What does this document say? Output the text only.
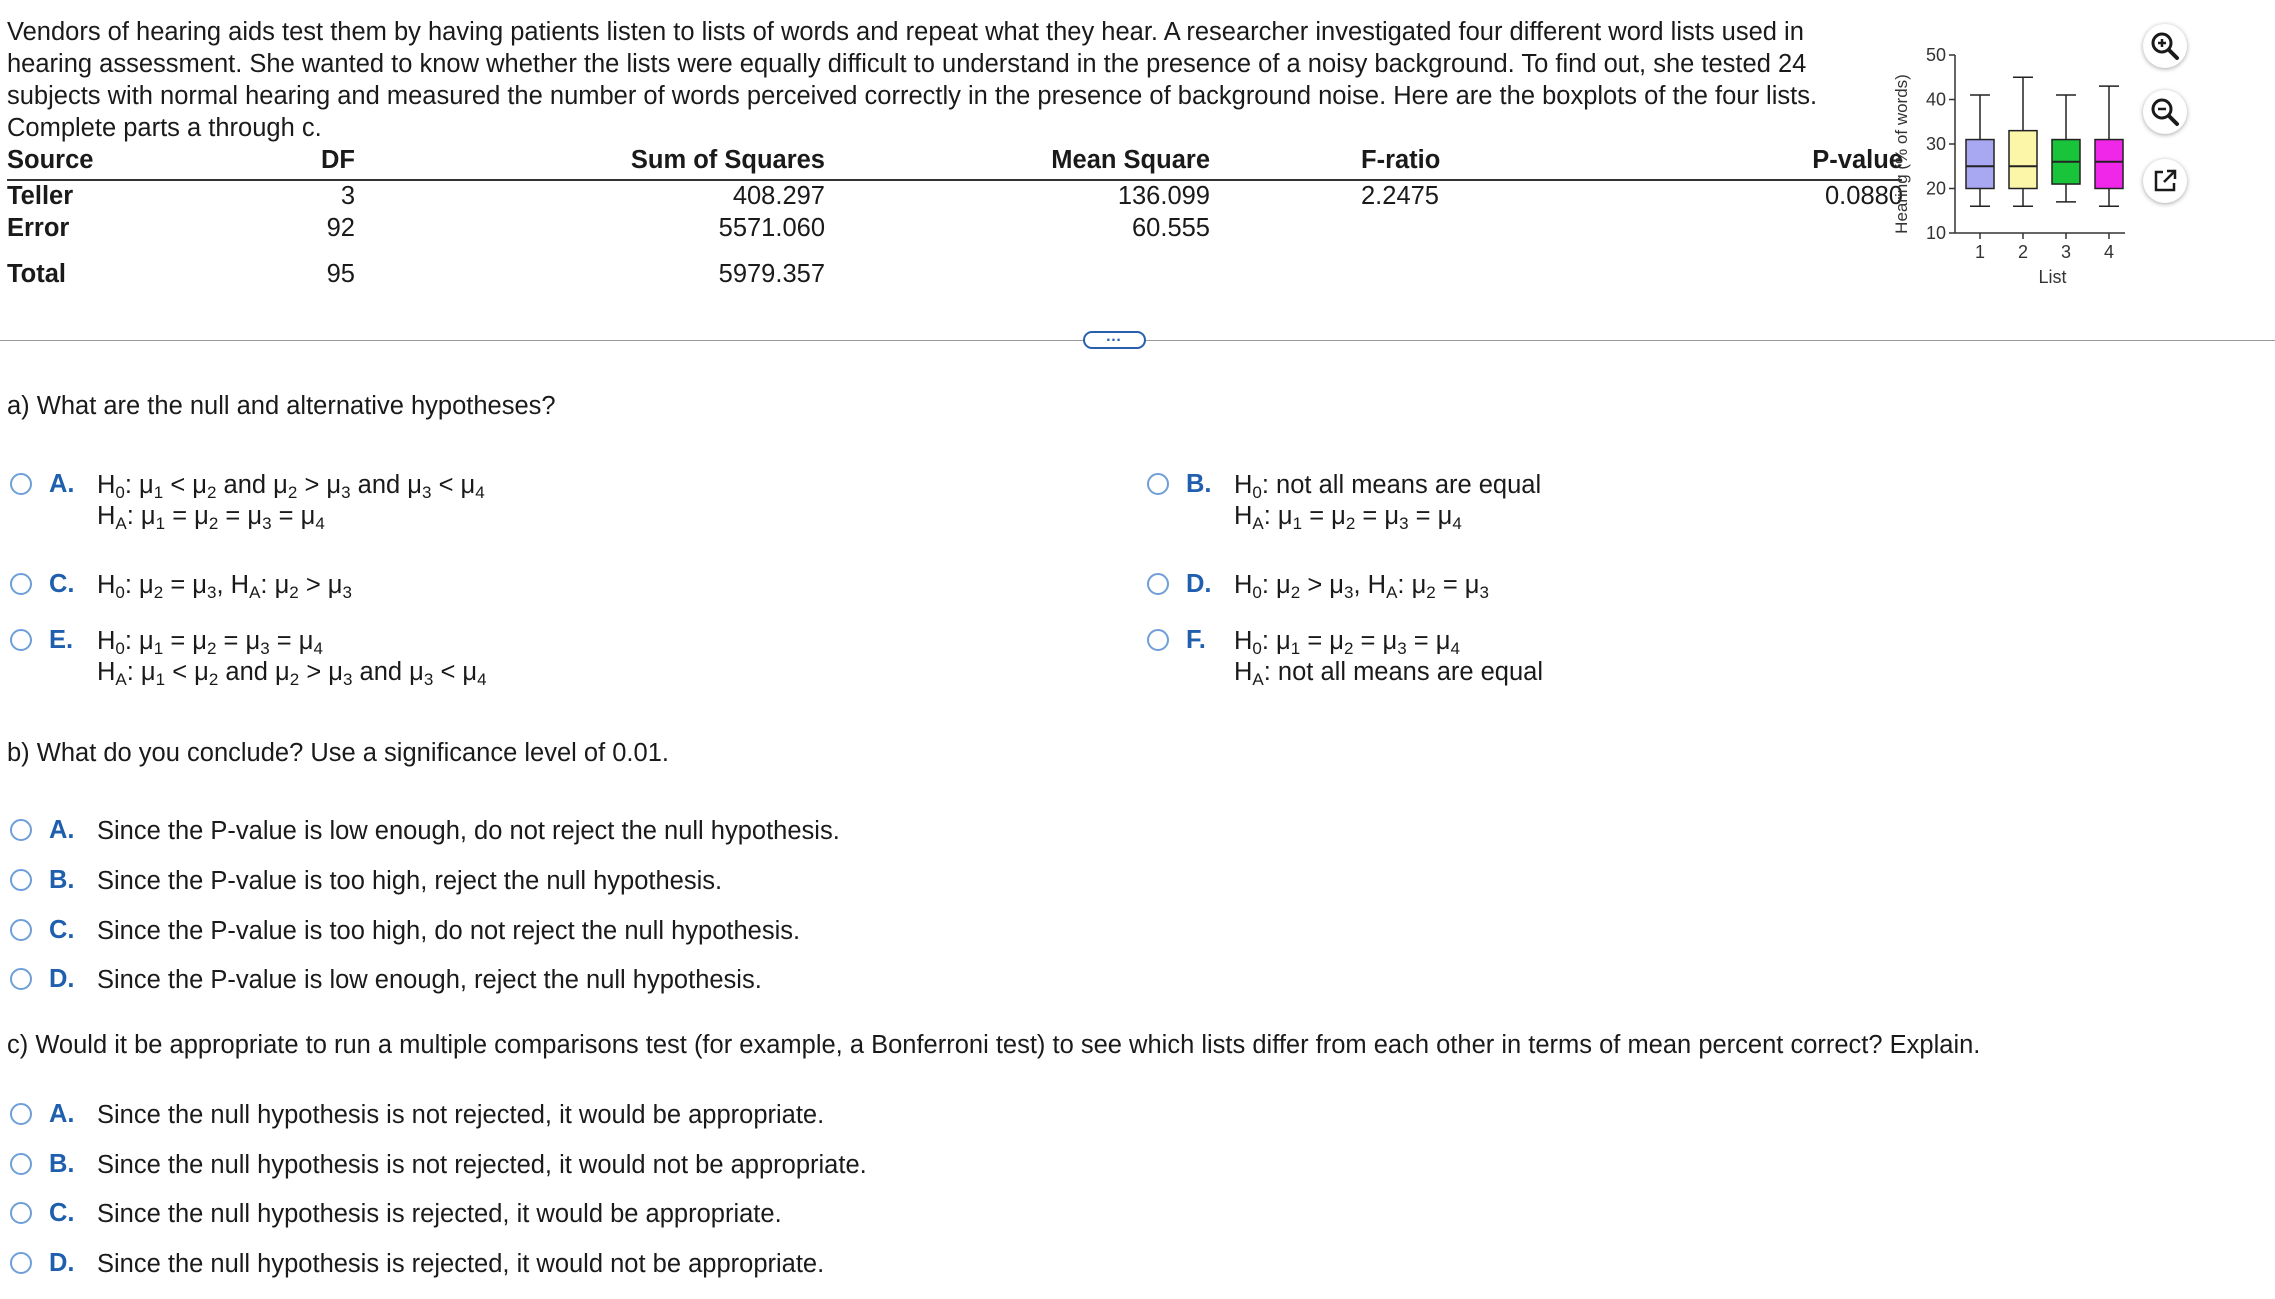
Vendors of hearing aids test them by having patients listen to lists of words and repeat what they hear. A researcher investigated four different word lists used in
hearing assessment. She wanted to know whether the lists were equally difficult to understand in the presence of a noisy background. To find out, she tested 24
subjects with normal hearing and measured the number of words perceived correctly in the presence of background noise. Here are the boxplots of the four lists.
Complete parts a through c.
Source	DF	Sum of Squares	Mean Square	F-ratio	P-value
Teller	3	408.297	136.099	2.2475	0.0880
Error	92	5571.060	60.555
Total	95	5979.357
10
20
30
40
50
Hearing (% of words)
1 2 3 4
List
…
a) What are the null and alternative hypotheses?
A. $H_0$: $\mu_1 < \mu_2$ and $\mu_2 > \mu_3$ and $\mu_3 < \mu_4$
$H_A$: $\mu_1 = \mu_2 = \mu_3 = \mu_4$
B. $H_0$: not all means are equal
$H_A$: $\mu_1 = \mu_2 = \mu_3 = \mu_4$
C. $H_0$: $\mu_2 = \mu_3$, $H_A$: $\mu_2 > \mu_3$	D. $H_0$: $\mu_2 > \mu_3$, $H_A$: $\mu_2 = \mu_3$
E. $H_0$: $\mu_1 = \mu_2 = \mu_3 = \mu_4$
$H_A$: $\mu_1 < \mu_2$ and $\mu_2 > \mu_3$ and $\mu_3 < \mu_4$
F. $H_0$: $\mu_1 = \mu_2 = \mu_3 = \mu_4$
$H_A$: not all means are equal
b) What do you conclude? Use a significance level of 0.01.
A. Since the P-value is low enough, do not reject the null hypothesis.
B. Since the P-value is too high, reject the null hypothesis.
C. Since the P-value is too high, do not reject the null hypothesis.
D. Since the P-value is low enough, reject the null hypothesis.
c) Would it be appropriate to run a multiple comparisons test (for example, a Bonferroni test) to see which lists differ from each other in terms of mean percent correct? Explain.
A. Since the null hypothesis is not rejected, it would be appropriate.
B. Since the null hypothesis is not rejected, it would not be appropriate.
C. Since the null hypothesis is rejected, it would be appropriate.
D. Since the null hypothesis is rejected, it would not be appropriate.
